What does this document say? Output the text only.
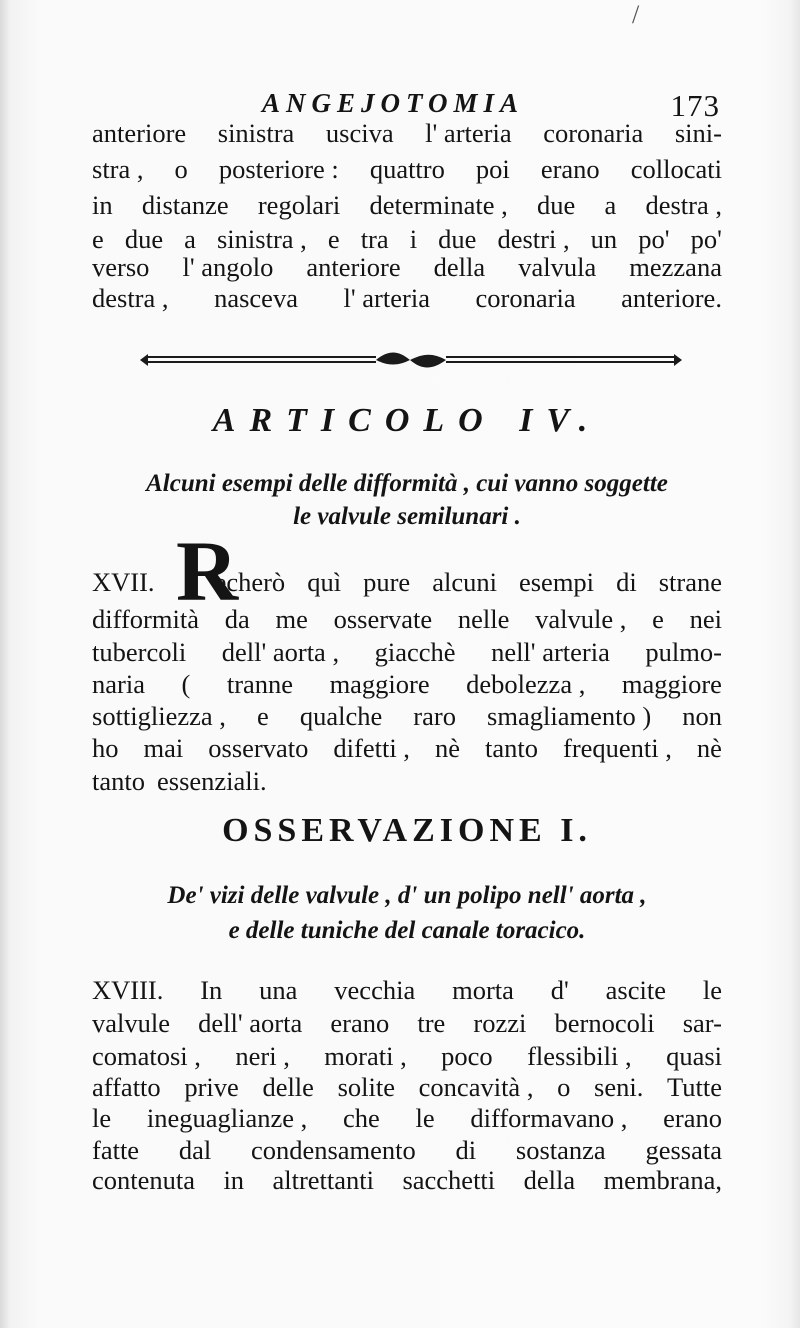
/
ANGEJOTOMIA	173
anteriore sinistra usciva l' arteria coronaria sini-
stra , o posteriore : quattro poi erano collocati
in distanze regolari determinate , due a destra ,
e due a sinistra , e tra i due destri , un po' po'
verso l' angolo anteriore della valvula mezzana
destra , nasceva l' arteria coronaria anteriore.
ARTICOLO IV.
Alcuni esempi delle difformità , cui vanno soggette
le valvule semilunari .
R
XVII. echerò quì pure alcuni esempi di strane
difformità da me osservate nelle valvule , e nei
tubercoli dell' aorta , giacchè nell' arteria pulmo-
naria ( tranne maggiore debolezza , maggiore
sottigliezza , e qualche raro smagliamento ) non
ho mai osservato difetti , nè tanto frequenti , nè
tanto essenziali.
OSSERVAZIONE I.
De' vizi delle valvule , d' un polipo nell' aorta ,
e delle tuniche del canale toracico.
XVIII. In una vecchia morta d' ascite le
valvule dell' aorta erano tre rozzi bernocoli sar-
comatosi , neri , morati , poco flessibili , quasi
affatto prive delle solite concavità , o seni. Tutte
le ineguaglianze , che le difformavano , erano
fatte dal condensamento di sostanza gessata
contenuta in altrettanti sacchetti della membrana,
